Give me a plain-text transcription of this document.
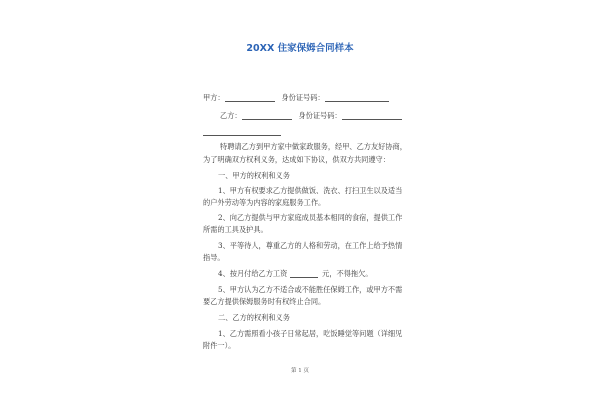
20XX 住家保姆合同样本
甲方：	身份证号码：
乙方：	身份证号码：
特聘请乙方到甲方家中做家政服务，经甲、乙方友好协商，
为了明确双方权利义务，达成如下协议，供双方共同遵守：
一、甲方的权利和义务
1、甲方有权要求乙方提供做饭、洗衣、打扫卫生以及适当
的户外劳动等为内容的家庭服务工作。
2、向乙方提供与甲方家庭成员基本相同的食宿，提供工作
所需的工具及护具。
3、平等待人，尊重乙方的人格和劳动，在工作上给予热情
指导。
4、按月付给乙方工资	元，不得拖欠。
5、甲方认为乙方不适合或不能胜任保姆工作，或甲方不需
要乙方提供保姆服务时有权终止合同。
二、乙方的权利和义务
1、乙方需照看小孩子日常起居，吃饭睡觉等问题（详细见
附件一）。
第 1 页
